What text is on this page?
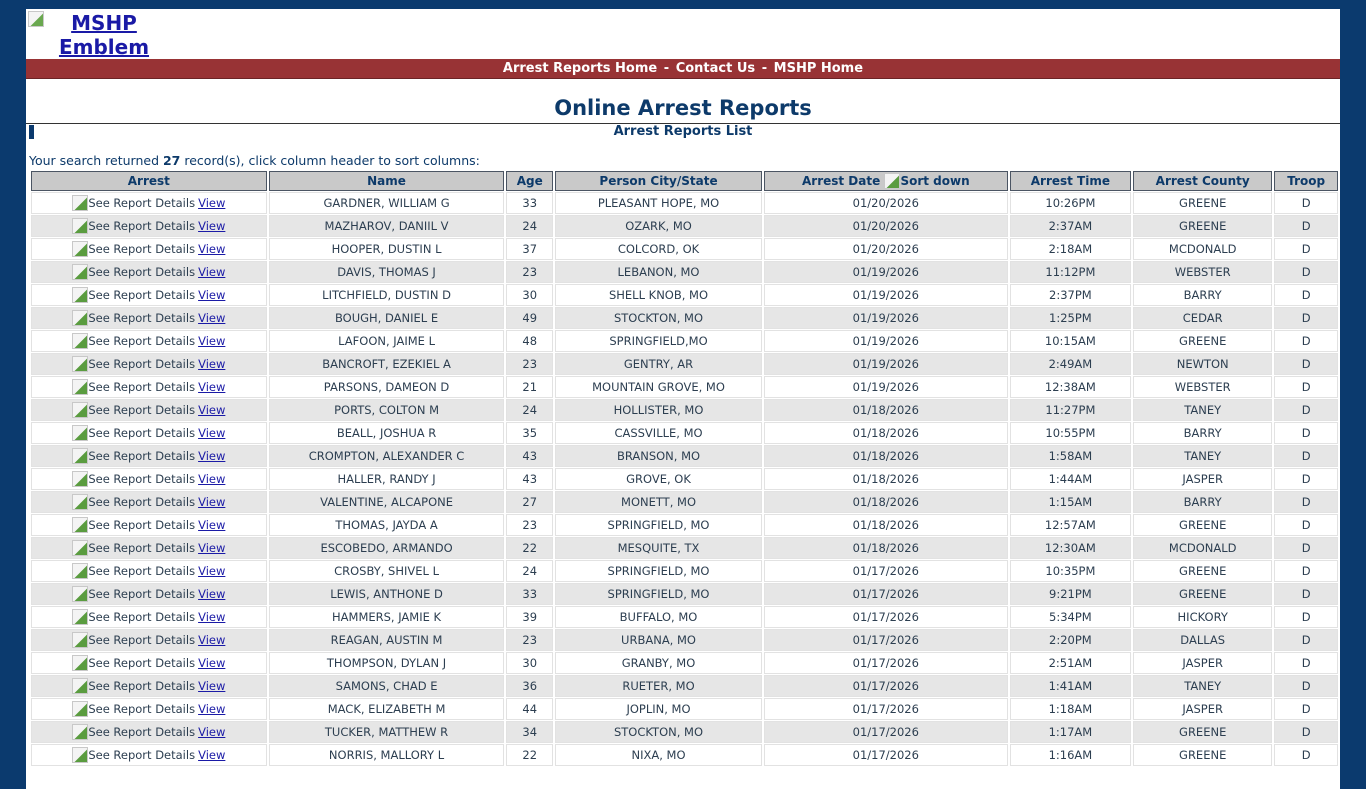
MSHP Emblem
Arrest Reports Home - Contact Us - MSHP Home
Online Arrest Reports
Arrest Reports List
Your search returned 27 record(s), click column header to sort columns:
Arrest	Name	Age	Person City/State	Arrest Date Sort down	Arrest Time	Arrest County	Troop
See Report Details View	GARDNER, WILLIAM G	33	PLEASANT HOPE, MO	01/20/2026	10:26PM	GREENE	D
See Report Details View	MAZHAROV, DANIIL V	24	OZARK, MO	01/20/2026	2:37AM	GREENE	D
See Report Details View	HOOPER, DUSTIN L	37	COLCORD, OK	01/20/2026	2:18AM	MCDONALD	D
See Report Details View	DAVIS, THOMAS J	23	LEBANON, MO	01/19/2026	11:12PM	WEBSTER	D
See Report Details View	LITCHFIELD, DUSTIN D	30	SHELL KNOB, MO	01/19/2026	2:37PM	BARRY	D
See Report Details View	BOUGH, DANIEL E	49	STOCKTON, MO	01/19/2026	1:25PM	CEDAR	D
See Report Details View	LAFOON, JAIME L	48	SPRINGFIELD,MO	01/19/2026	10:15AM	GREENE	D
See Report Details View	BANCROFT, EZEKIEL A	23	GENTRY, AR	01/19/2026	2:49AM	NEWTON	D
See Report Details View	PARSONS, DAMEON D	21	MOUNTAIN GROVE, MO	01/19/2026	12:38AM	WEBSTER	D
See Report Details View	PORTS, COLTON M	24	HOLLISTER, MO	01/18/2026	11:27PM	TANEY	D
See Report Details View	BEALL, JOSHUA R	35	CASSVILLE, MO	01/18/2026	10:55PM	BARRY	D
See Report Details View	CROMPTON, ALEXANDER C	43	BRANSON, MO	01/18/2026	1:58AM	TANEY	D
See Report Details View	HALLER, RANDY J	43	GROVE, OK	01/18/2026	1:44AM	JASPER	D
See Report Details View	VALENTINE, ALCAPONE	27	MONETT, MO	01/18/2026	1:15AM	BARRY	D
See Report Details View	THOMAS, JAYDA A	23	SPRINGFIELD, MO	01/18/2026	12:57AM	GREENE	D
See Report Details View	ESCOBEDO, ARMANDO	22	MESQUITE, TX	01/18/2026	12:30AM	MCDONALD	D
See Report Details View	CROSBY, SHIVEL L	24	SPRINGFIELD, MO	01/17/2026	10:35PM	GREENE	D
See Report Details View	LEWIS, ANTHONE D	33	SPRINGFIELD, MO	01/17/2026	9:21PM	GREENE	D
See Report Details View	HAMMERS, JAMIE K	39	BUFFALO, MO	01/17/2026	5:34PM	HICKORY	D
See Report Details View	REAGAN, AUSTIN M	23	URBANA, MO	01/17/2026	2:20PM	DALLAS	D
See Report Details View	THOMPSON, DYLAN J	30	GRANBY, MO	01/17/2026	2:51AM	JASPER	D
See Report Details View	SAMONS, CHAD E	36	RUETER, MO	01/17/2026	1:41AM	TANEY	D
See Report Details View	MACK, ELIZABETH M	44	JOPLIN, MO	01/17/2026	1:18AM	JASPER	D
See Report Details View	TUCKER, MATTHEW R	34	STOCKTON, MO	01/17/2026	1:17AM	GREENE	D
See Report Details View	NORRIS, MALLORY L	22	NIXA, MO	01/17/2026	1:16AM	GREENE	D
